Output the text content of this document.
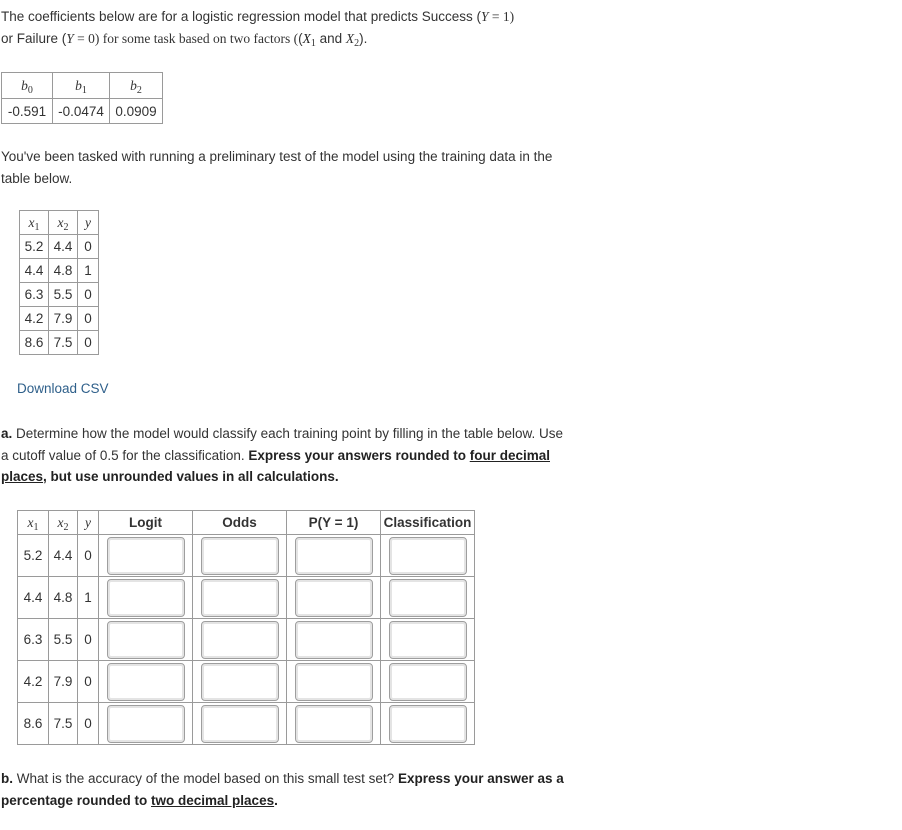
The coefficients below are for a logistic regression model that predicts Success (Y = 1)
or Failure (Y = 0) for some task based on two factors (($X_1$ and $X_2$).

$b_0$	$b_1$	$b_2$
-0.591	-0.0474	0.0909

You've been tasked with running a preliminary test of the model using the training data in the table below.

$x_1$	$x_2$	y
5.2	4.4	0
4.4	4.8	1
6.3	5.5	0
4.2	7.9	0
8.6	7.5	0
Download CSV

a. Determine how the model would classify each training point by filling in the table below. Use a cutoff value of 0.5 for the classification. Express your answers rounded to four decimal places, but use unrounded values in all calculations.

$x_1$	$x_2$	y	Logit	Odds	P(Y = 1)	Classification
5.2	4.4	0	

4.4	4.8	1	

6.3	5.5	0	

4.2	7.9	0	

8.6	7.5	0	

b. What is the accuracy of the model based on this small test set? Express your answer as a percentage rounded to two decimal places.
